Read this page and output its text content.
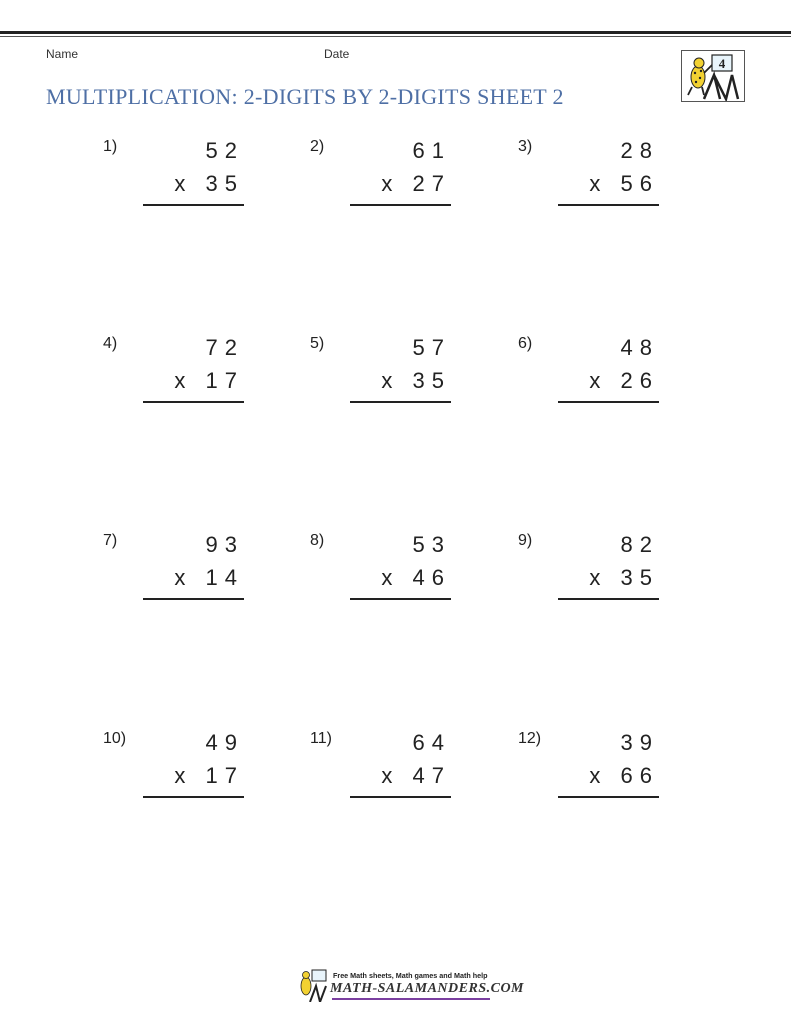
Name	Date
MULTIPLICATION: 2-DIGITS BY 2-DIGITS SHEET 2
4
1)	52
x 35
2)	61
x 27
3)	28
x 56
4)	72
x 17
5)	57
x 35
6)	48
x 26
7)	93
x 14
8)	53
x 46
9)	82
x 35
10)	49
x 17
11)	64
x 47
12)	39
x 66
Free Math sheets, Math games and Math help
MATH-SALAMANDERS.COM
